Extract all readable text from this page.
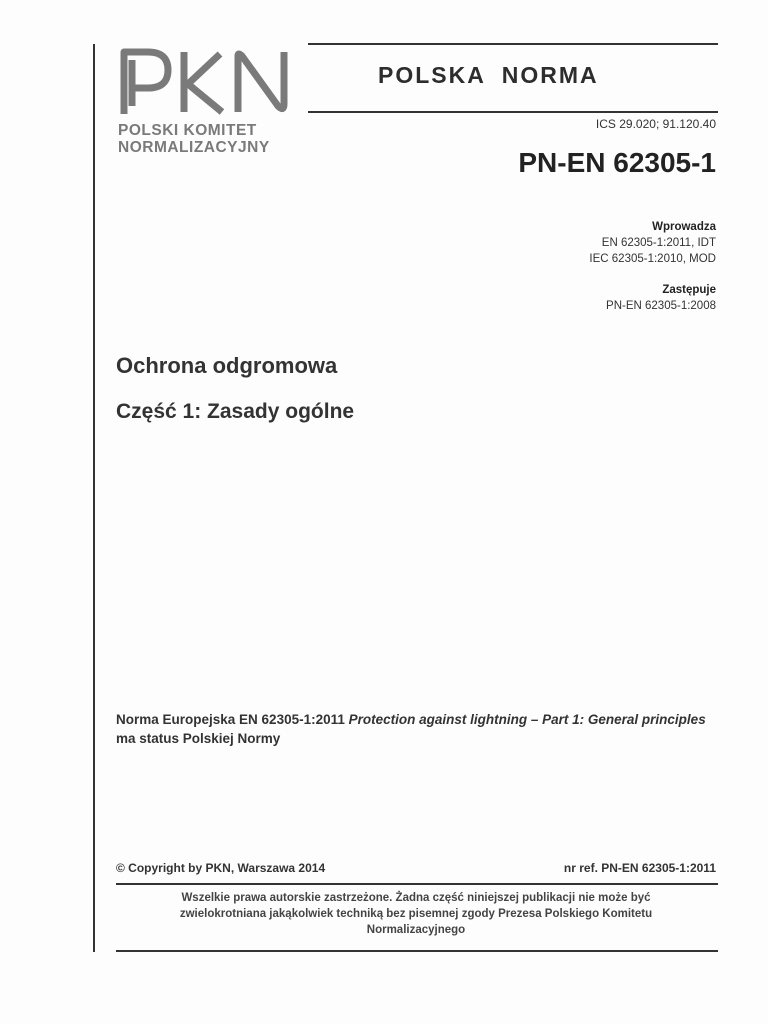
POLSKI KOMITET
NORMALIZACYJNY
POLSKA  NORMA
ICS 29.020; 91.120.40
PN-EN 62305-1
Wprowadza
EN 62305-1:2011, IDT
IEC 62305-1:2010, MOD
Zastępuje
PN-EN 62305-1:2008
Ochrona odgromowa
Część 1: Zasady ogólne
Norma Europejska EN 62305-1:2011 Protection against lightning – Part 1: General principles ma status Polskiej Normy
© Copyright by PKN, Warszawa 2014	nr ref. PN-EN 62305-1:2011
Wszelkie prawa autorskie zastrzeżone. Żadna część niniejszej publikacji nie może być
zwielokrotniana jakąkolwiek techniką bez pisemnej zgody Prezesa Polskiego Komitetu
Normalizacyjnego
